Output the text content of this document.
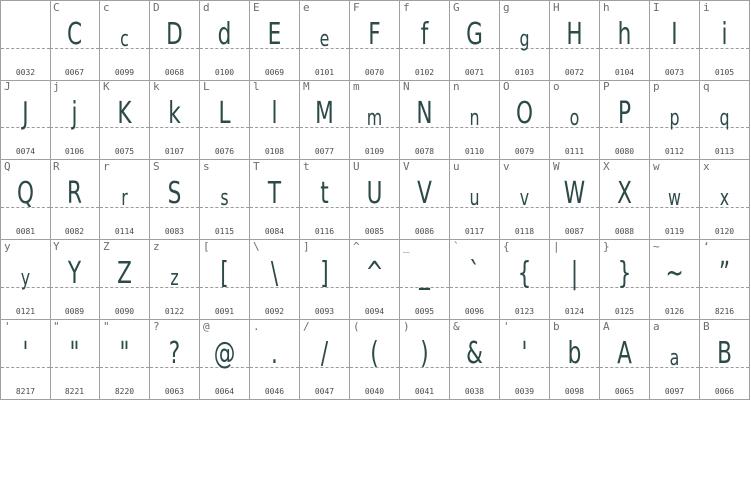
0032
C
C
0067
c
c
0099
D
D
0068
d
d
0100
E
E
0069
e
e
0101
F
F
0070
f
f
0102
G
G
0071
g
g
0103
H
H
0072
h
h
0104
I
I
0073
i
i
0105
J
J
0074
j
j
0106
K
K
0075
k
k
0107
L
L
0076
l
l
0108
M
M
0077
m
m
0109
N
N
0078
n
n
0110
O
O
0079
o
o
0111
P
P
0080
p
p
0112
q
q
0113
Q
Q
0081
R
R
0082
r
r
0114
S
S
0083
s
s
0115
T
T
0084
t
t
0116
U
U
0085
V
V
0086
u
u
0117
v
v
0118
W
W
0087
X
X
0088
w
w
0119
x
x
0120
y
y
0121
Y
Y
0089
Z
Z
0090
z
z
0122
[
[
0091
\
\
0092
]
]
0093
^
^
0094
_
_
0095
`
`
0096
{
{
0123
|
|
0124
}
}
0125
~
~
0126
‘
”
8216
'
'
8217
"
"
8221
"
"
8220
?
?
0063
@
@
0064
.
.
0046
/
/
0047
(
(
0040
)
)
0041
&
&
0038
'
'
0039
b
b
0098
A
A
0065
a
a
0097
B
B
0066
